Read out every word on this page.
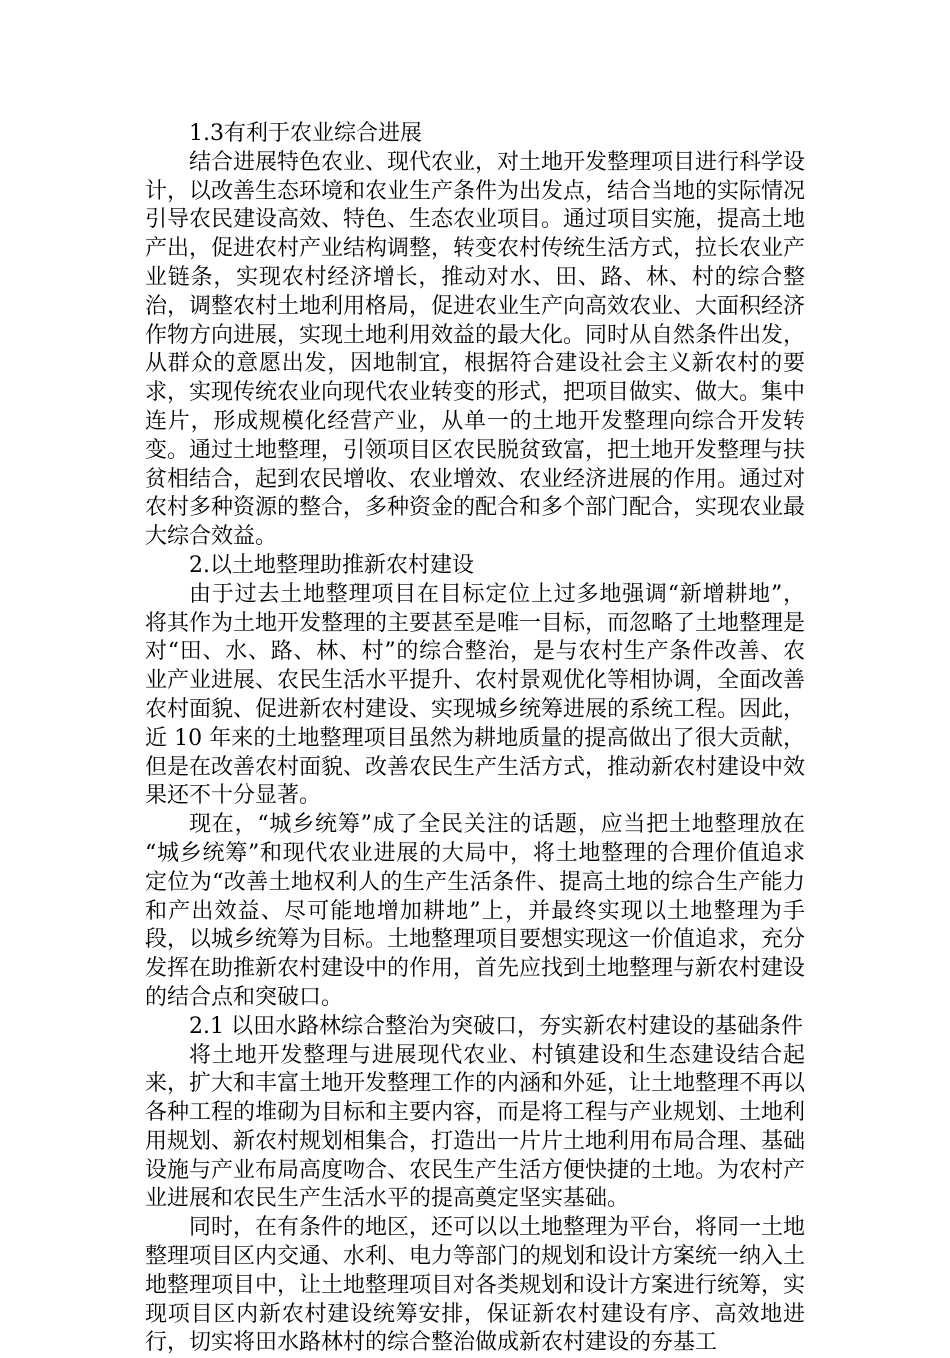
1.3有利于农业综合进展

结合进展特色农业、现代农业，对土地开发整理项目进行科学设计，以改善生态环境和农业生产条件为出发点，结合当地的实际情况引导农民建设高效、特色、生态农业项目。通过项目实施，提高土地产出，促进农村产业结构调整，转变农村传统生活方式，拉长农业产业链条，实现农村经济增长，推动对水、田、路、林、村的综合整治，调整农村土地利用格局，促进农业生产向高效农业、大面积经济作物方向进展，实现土地利用效益的最大化。同时从自然条件出发，从群众的意愿出发，因地制宜，根据符合建设社会主义新农村的要求，实现传统农业向现代农业转变的形式，把项目做实、做大。集中连片，形成规模化经营产业，从单一的土地开发整理向综合开发转变。通过土地整理，引领项目区农民脱贫致富，把土地开发整理与扶贫相结合，起到农民增收、农业增效、农业经济进展的作用。通过对农村多种资源的整合，多种资金的配合和多个部门配合，实现农业最大综合效益。

2.以土地整理助推新农村建设

由于过去土地整理项目在目标定位上过多地强调“新增耕地”，将其作为土地开发整理的主要甚至是唯一目标，而忽略了土地整理是对“田、水、路、林、村”的综合整治，是与农村生产条件改善、农业产业进展、农民生活水平提升、农村景观优化等相协调，全面改善农村面貌、促进新农村建设、实现城乡统筹进展的系统工程。因此，近 10 年来的土地整理项目虽然为耕地质量的提高做出了很大贡献，但是在改善农村面貌、改善农民生产生活方式，推动新农村建设中效果还不十分显著。

现在，“城乡统筹”成了全民关注的话题，应当把土地整理放在 “城乡统筹”和现代农业进展的大局中，将土地整理的合理价值追求定位为“改善土地权利人的生产生活条件、提高土地的综合生产能力和产出效益、尽可能地增加耕地”上，并最终实现以土地整理为手段，以城乡统筹为目标。土地整理项目要想实现这一价值追求，充分发挥在助推新农村建设中的作用，首先应找到土地整理与新农村建设的结合点和突破口。

2.1 以田水路林综合整治为突破口，夯实新农村建设的基础条件

将土地开发整理与进展现代农业、村镇建设和生态建设结合起来，扩大和丰富土地开发整理工作的内涵和外延，让土地整理不再以各种工程的堆砌为目标和主要内容，而是将工程与产业规划、土地利用规划、新农村规划相集合，打造出一片片土地利用布局合理、基础设施与产业布局高度吻合、农民生产生活方便快捷的土地。为农村产业进展和农民生产生活水平的提高奠定坚实基础。

同时，在有条件的地区，还可以以土地整理为平台，将同一土地整理项目区内交通、水利、电力等部门的规划和设计方案统一纳入土地整理项目中，让土地整理项目对各类规划和设计方案进行统筹，实现项目区内新农村建设统筹安排，保证新农村建设有序、高效地进行，切实将田水路林村的综合整治做成新农村建设的夯基工
